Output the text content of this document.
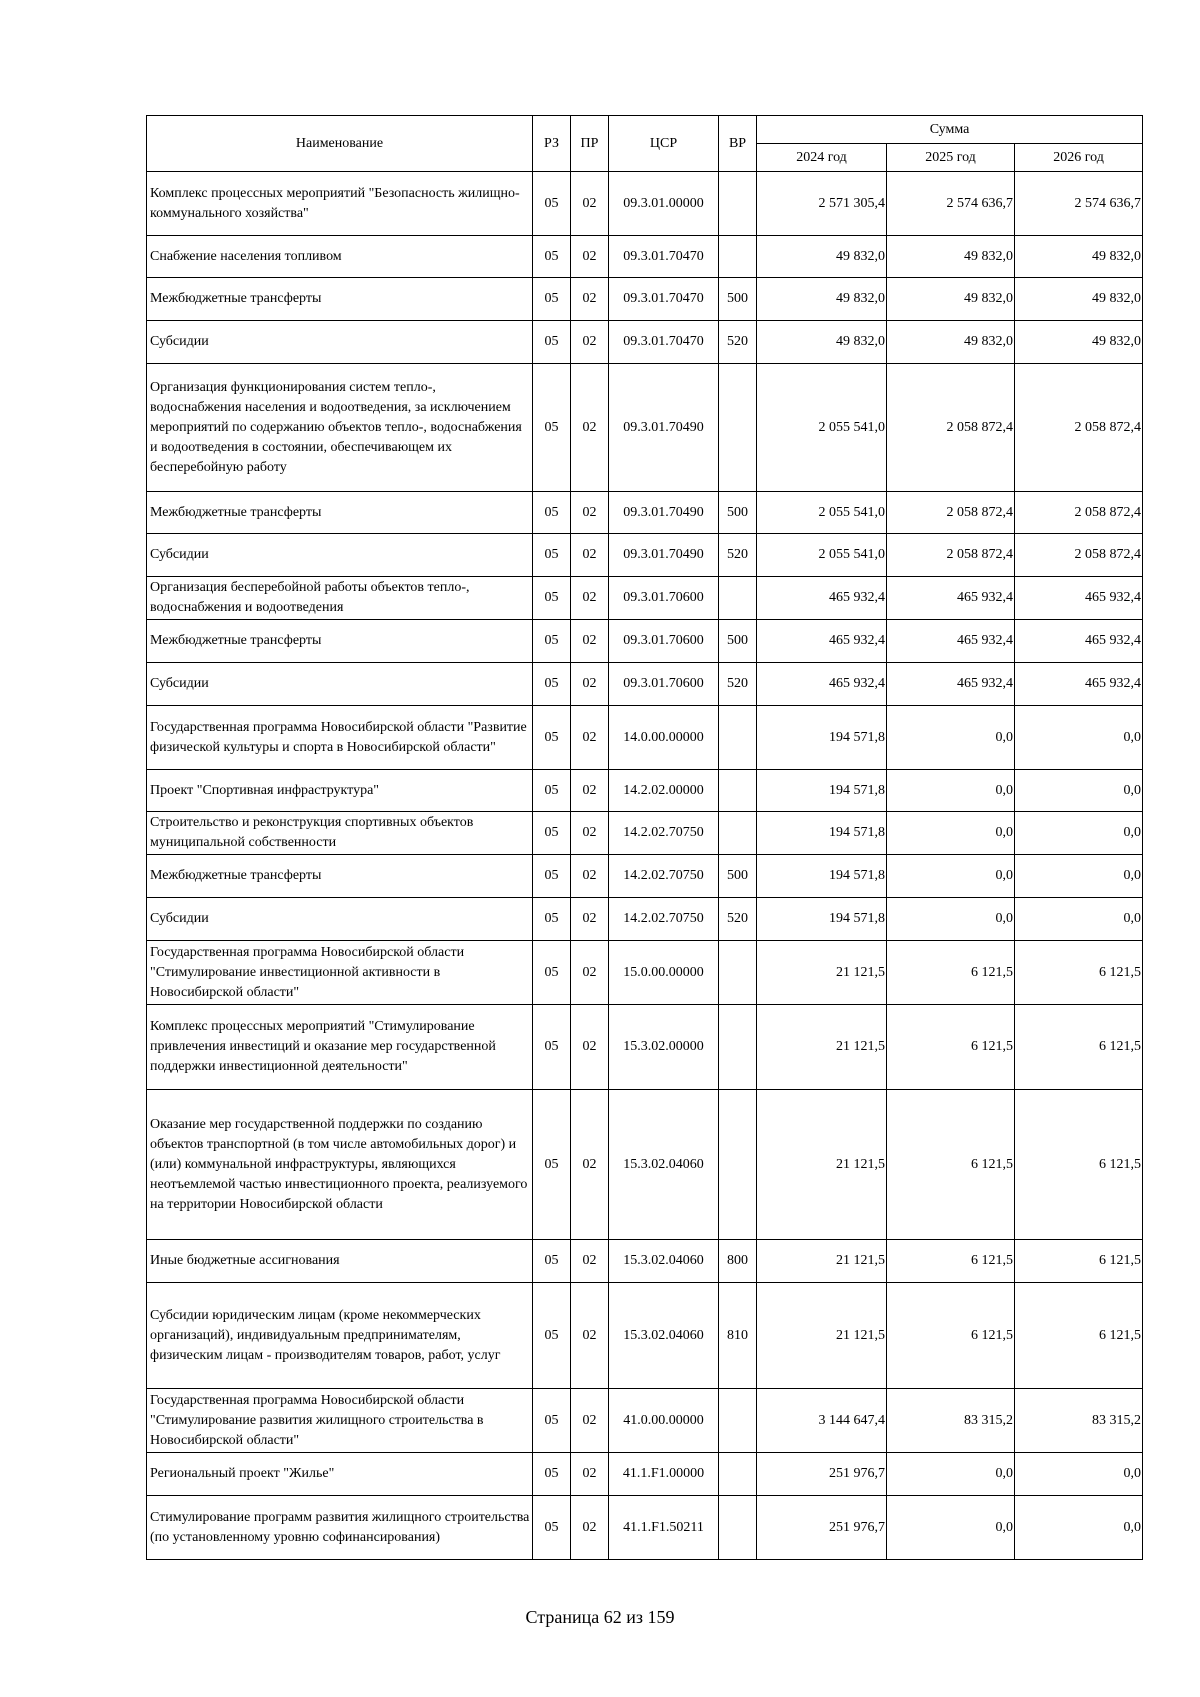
Наименование	РЗ	ПР	ЦСР	ВР	Сумма		
					2024 год	2025 год	2026 год
Комплекс процессных мероприятий "Безопасность жилищно-коммунального хозяйства"	05	02	09.3.01.00000		2 571 305,4	2 574 636,7	2 574 636,7
Снабжение населения топливом	05	02	09.3.01.70470		49 832,0	49 832,0	49 832,0
Межбюджетные трансферты	05	02	09.3.01.70470	500	49 832,0	49 832,0	49 832,0
Субсидии	05	02	09.3.01.70470	520	49 832,0	49 832,0	49 832,0
Организация функционирования систем тепло-, водоснабжения населения и водоотведения, за исключением мероприятий по содержанию объектов тепло-, водоснабжения и водоотведения в состоянии, обеспечивающем их бесперебойную работу	05	02	09.3.01.70490		2 055 541,0	2 058 872,4	2 058 872,4
Межбюджетные трансферты	05	02	09.3.01.70490	500	2 055 541,0	2 058 872,4	2 058 872,4
Субсидии	05	02	09.3.01.70490	520	2 055 541,0	2 058 872,4	2 058 872,4
Организация бесперебойной работы объектов тепло-, водоснабжения и водоотведения	05	02	09.3.01.70600		465 932,4	465 932,4	465 932,4
Межбюджетные трансферты	05	02	09.3.01.70600	500	465 932,4	465 932,4	465 932,4
Субсидии	05	02	09.3.01.70600	520	465 932,4	465 932,4	465 932,4
Государственная программа Новосибирской области "Развитие физической культуры и спорта в Новосибирской области"	05	02	14.0.00.00000		194 571,8	0,0	0,0
Проект "Спортивная инфраструктура"	05	02	14.2.02.00000		194 571,8	0,0	0,0
Строительство и реконструкция спортивных объектов муниципальной собственности	05	02	14.2.02.70750		194 571,8	0,0	0,0
Межбюджетные трансферты	05	02	14.2.02.70750	500	194 571,8	0,0	0,0
Субсидии	05	02	14.2.02.70750	520	194 571,8	0,0	0,0
Государственная программа Новосибирской области "Стимулирование инвестиционной активности в Новосибирской области"	05	02	15.0.00.00000		21 121,5	6 121,5	6 121,5
Комплекс процессных мероприятий "Стимулирование привлечения инвестиций и оказание мер государственной поддержки инвестиционной деятельности"	05	02	15.3.02.00000		21 121,5	6 121,5	6 121,5
Оказание мер государственной поддержки по созданию объектов транспортной (в том числе автомобильных дорог) и (или) коммунальной инфраструктуры, являющихся неотъемлемой частью инвестиционного проекта, реализуемого на территории Новосибирской области	05	02	15.3.02.04060		21 121,5	6 121,5	6 121,5
Иные бюджетные ассигнования	05	02	15.3.02.04060	800	21 121,5	6 121,5	6 121,5
Субсидии юридическим лицам (кроме некоммерческих организаций), индивидуальным предпринимателям, физическим лицам - производителям товаров, работ, услуг	05	02	15.3.02.04060	810	21 121,5	6 121,5	6 121,5
Государственная программа Новосибирской области "Стимулирование развития жилищного строительства в Новосибирской области"	05	02	41.0.00.00000		3 144 647,4	83 315,2	83 315,2
Региональный проект "Жилье"	05	02	41.1.F1.00000		251 976,7	0,0	0,0
Стимулирование программ развития жилищного строительства (по установленному уровню софинансирования)	05	02	41.1.F1.50211		251 976,7	0,0	0,0
Страница 62 из 159
